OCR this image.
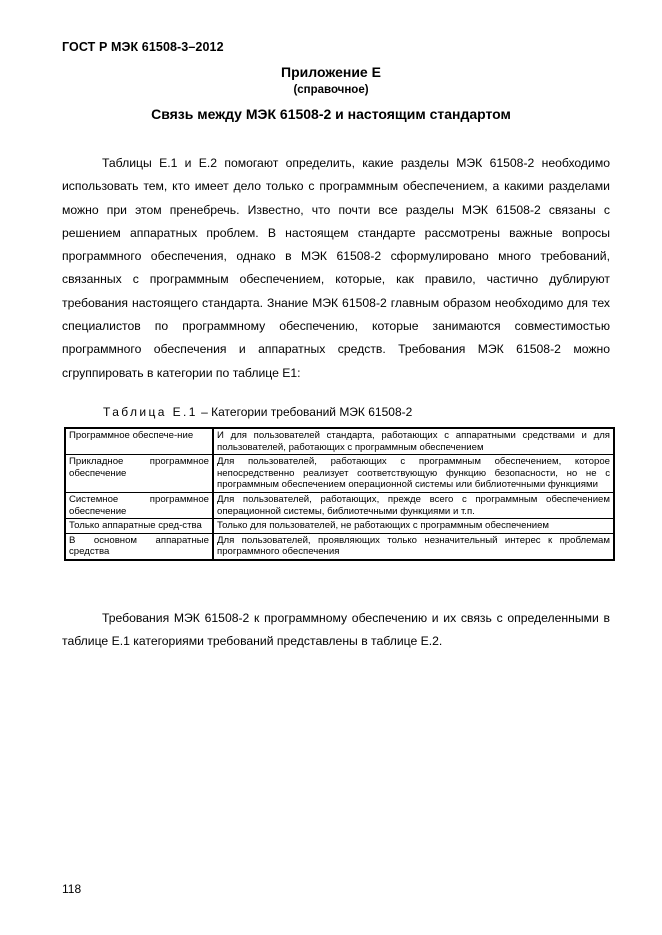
ГОСТ Р МЭК 61508-3–2012
Приложение Е
(справочное)
Связь между МЭК 61508-2 и настоящим стандартом

Таблицы Е.1 и Е.2 помогают определить, какие разделы МЭК 61508-2 необходимо использовать тем, кто имеет дело только с программным обеспечением, а какими разделами можно при этом пренебречь. Известно, что почти все разделы МЭК 61508-2 связаны с решением аппаратных проблем. В настоящем стандарте рассмотрены важные вопросы программного обеспечения, однако в МЭК 61508-2 сформулировано много требований, связанных с программным обеспечением, которые, как правило, частично дублируют требования настоящего стандарта. Знание МЭК 61508-2 главным образом необходимо для тех специалистов по программному обеспечению, которые занимаются совместимостью программного обеспечения и аппаратных средств. Требования МЭК 61508-2 можно сгруппировать в категории по таблице Е1:

Таблица Е.1 – Категории требований МЭК 61508-2
Программное обеспече-ние	И для пользователей стандарта, работающих с аппаратными средствами и для пользователей, работающих с программным обеспечением
Прикладное программное обеспечение	Для пользователей, работающих с программным обеспечением, которое непосредственно реализует соответствующую функцию безопасности, но не с программным обеспечением операционной системы или библиотечными функциями
Системное программное обеспечение	Для пользователей, работающих, прежде всего с программным обеспечением операционной системы, библиотечными функциями и т.п.
Только аппаратные сред-ства	Только для пользователей, не работающих с программным обеспечением
В основном аппаратные средства	Для пользователей, проявляющих только незначительный интерес к проблемам программного обеспечения

Требования МЭК 61508-2 к программному обеспечению и их связь с определенными в таблице Е.1 категориями требований представлены в таблице Е.2.

118
